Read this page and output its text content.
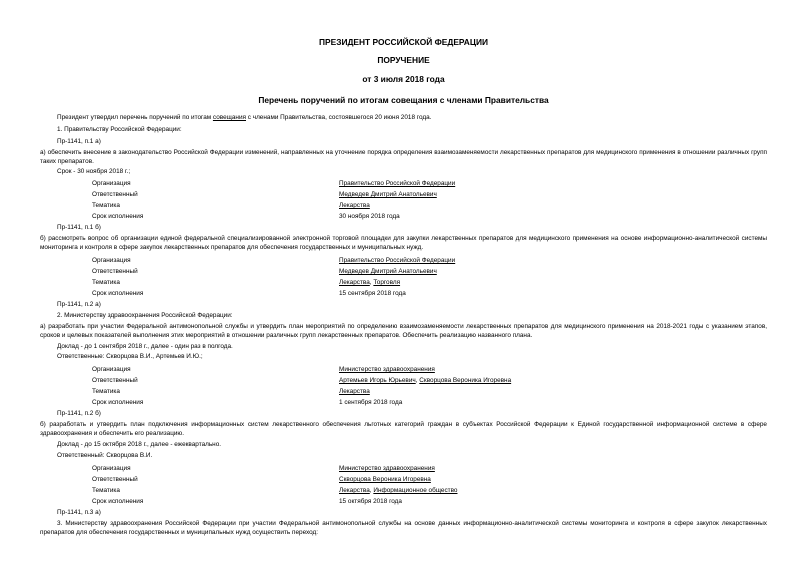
ПРЕЗИДЕНТ РОССИЙСКОЙ ФЕДЕРАЦИИ
ПОРУЧЕНИЕ
от 3 июля 2018 года
Перечень поручений по итогам совещания с членами Правительства
Президент утвердил перечень поручений по итогам совещания с членами Правительства, состоявшегося 20 июня 2018 года.
1. Правительству Российской Федерации:
Пр-1141, п.1 а)
а) обеспечить внесение в законодательство Российской Федерации изменений, направленных на уточнение порядка определения взаимозаменяемости лекарственных препаратов для медицинского применения в отношении различных групп таких препаратов.
Срок - 30 ноября 2018 г.;
Организация	Правительство Российской Федерации
Ответственный	Медведев Дмитрий Анатольевич
Тематика	Лекарства
Срок исполнения	30 ноября 2018 года
Пр-1141, п.1 б)
б) рассмотреть вопрос об организации единой федеральной специализированной электронной торговой площадки для закупки лекарственных препаратов для медицинского применения на основе информационно-аналитической системы мониторинга и контроля в сфере закупок лекарственных препаратов для обеспечения государственных и муниципальных нужд.
Организация	Правительство Российской Федерации
Ответственный	Медведев Дмитрий Анатольевич
Тематика	Лекарства, Торговля
Срок исполнения	15 сентября 2018 года
Пр-1141, п.2 а)
2. Министерству здравоохранения Российской Федерации:
а) разработать при участии Федеральной антимонопольной службы и утвердить план мероприятий по определению взаимозаменяемости лекарственных препаратов для медицинского применения на 2018-2021 годы с указанием этапов, сроков и целевых показателей выполнения этих мероприятий в отношении различных групп лекарственных препаратов. Обеспечить реализацию названного плана.
Доклад - до 1 сентября 2018 г., далее - один раз в полгода.
Ответственные: Скворцова В.И., Артемьев И.Ю.;
Организация	Министерство здравоохранения
Ответственный	Артемьев Игорь Юрьевич, Скворцова Вероника Игоревна
Тематика	Лекарства
Срок исполнения	1 сентября 2018 года
Пр-1141, п.2 б)
б) разработать и утвердить план подключения информационных систем лекарственного обеспечения льготных категорий граждан в субъектах Российской Федерации к Единой государственной информационной системе в сфере здравоохранения и обеспечить его реализацию.
Доклад - до 15 октября 2018 г., далее - ежеквартально.
Ответственный: Скворцова В.И.
Организация	Министерство здравоохранения
Ответственный	Скворцова Вероника Игоревна
Тематика	Лекарства, Информационное общество
Срок исполнения	15 октября 2018 года
Пр-1141, п.3 а)
3. Министерству здравоохранения Российской Федерации при участии Федеральной антимонопольной службы на основе данных информационно-аналитической системы мониторинга и контроля в сфере закупок лекарственных препаратов для обеспечения государственных и муниципальных нужд осуществить переход:
